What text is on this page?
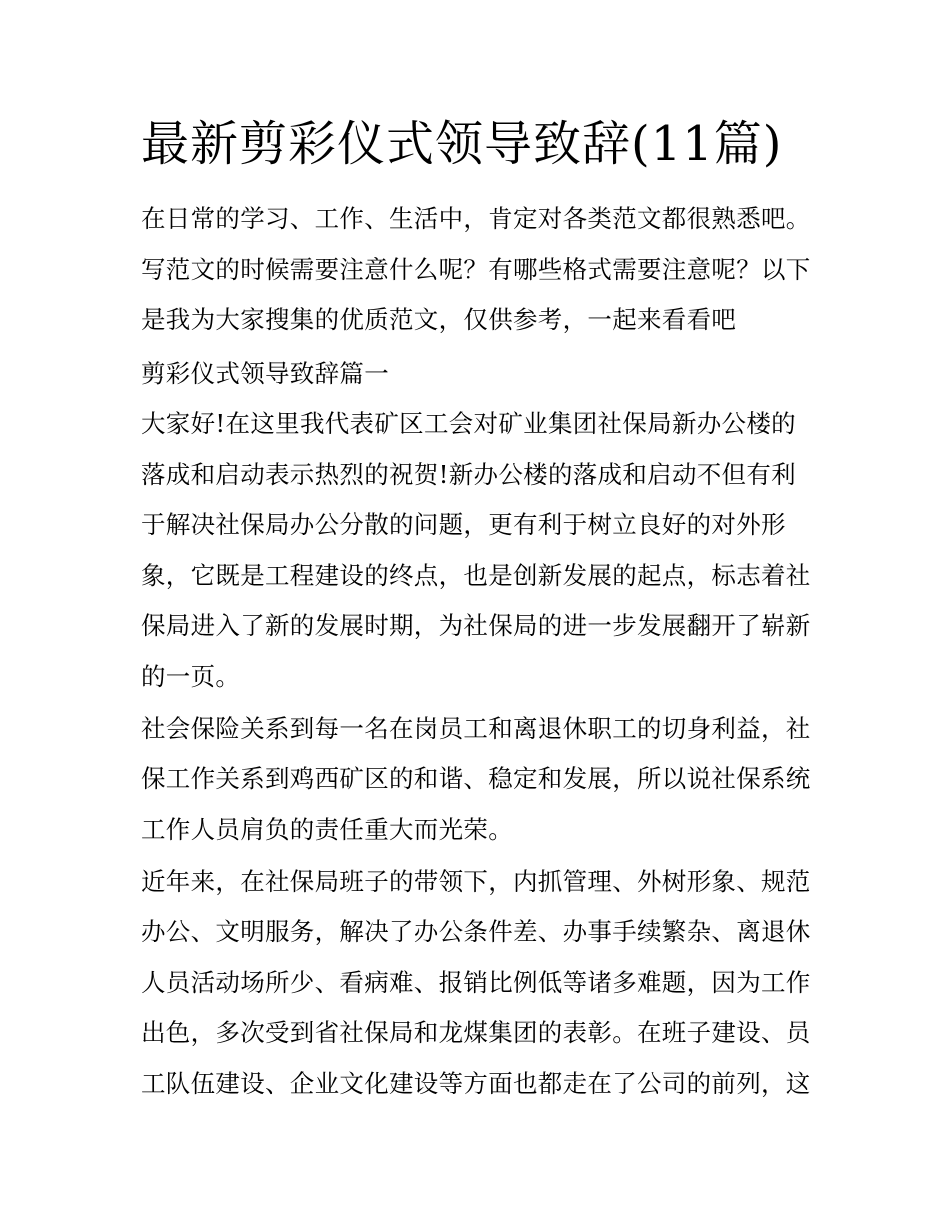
最新剪彩仪式领导致辞(11篇)
在日常的学习、工作、生活中，肯定对各类范文都很熟悉吧。
写范文的时候需要注意什么呢？有哪些格式需要注意呢？以下
是我为大家搜集的优质范文，仅供参考，一起来看看吧
剪彩仪式领导致辞篇一
大家好!在这里我代表矿区工会对矿业集团社保局新办公楼的
落成和启动表示热烈的祝贺!新办公楼的落成和启动不但有利
于解决社保局办公分散的问题，更有利于树立良好的对外形
象，它既是工程建设的终点，也是创新发展的起点，标志着社
保局进入了新的发展时期，为社保局的进一步发展翻开了崭新
的一页。
社会保险关系到每一名在岗员工和离退休职工的切身利益，社
保工作关系到鸡西矿区的和谐、稳定和发展，所以说社保系统
工作人员肩负的责任重大而光荣。
近年来，在社保局班子的带领下，内抓管理、外树形象、规范
办公、文明服务，解决了办公条件差、办事手续繁杂、离退休
人员活动场所少、看病难、报销比例低等诸多难题，因为工作
出色，多次受到省社保局和龙煤集团的表彰。在班子建设、员
工队伍建设、企业文化建设等方面也都走在了公司的前列，这
